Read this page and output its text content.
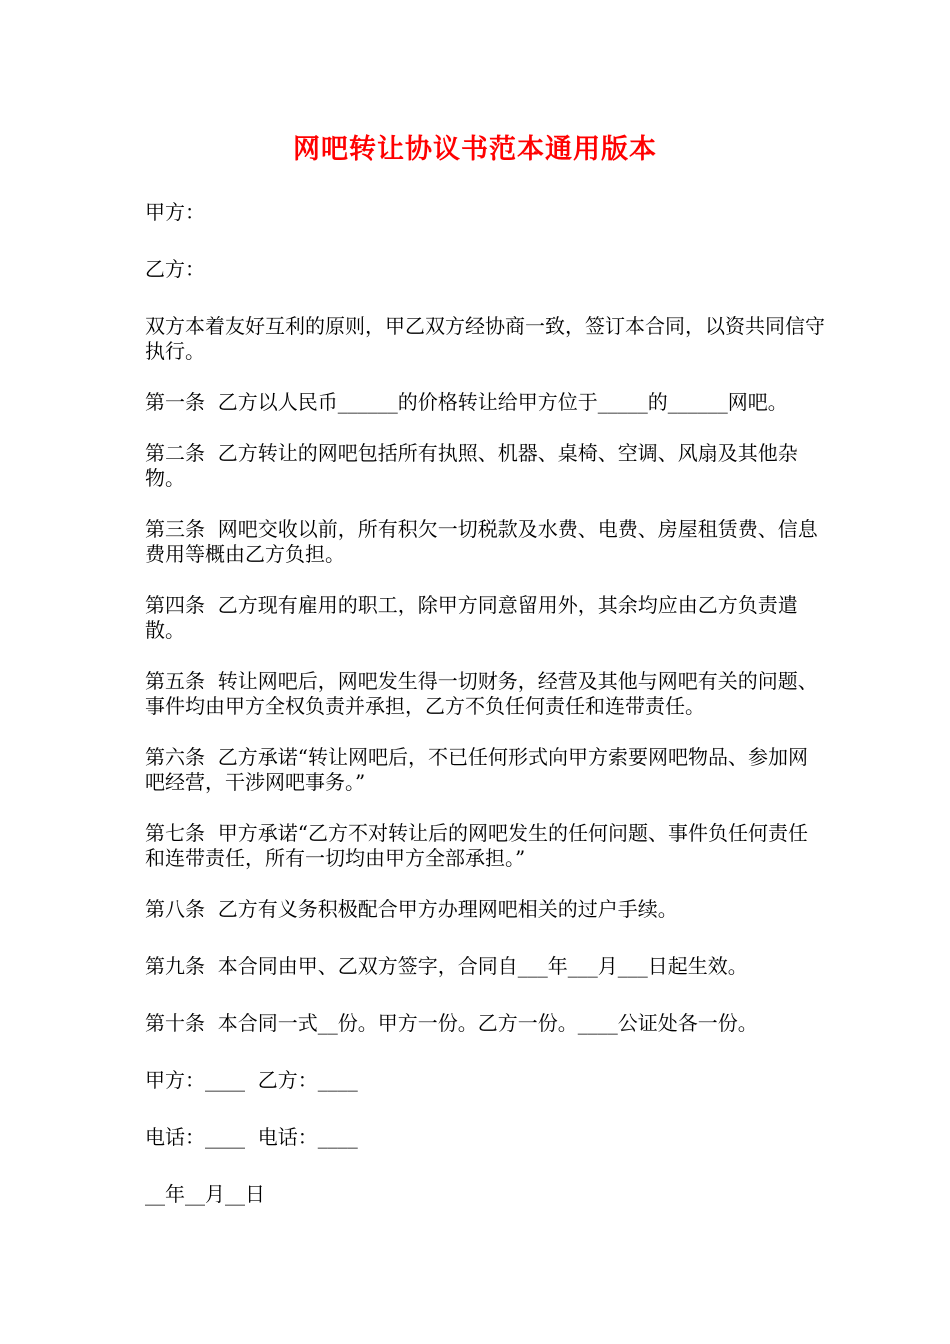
网吧转让协议书范本通用版本

甲方：

乙方：

双方本着友好互利的原则，甲乙双方经协商一致，签订本合同，以资共同信守执行。

第一条  乙方以人民币______的价格转让给甲方位于_____的______网吧。

第二条  乙方转让的网吧包括所有执照、机器、桌椅、空调、风扇及其他杂物。

第三条  网吧交收以前，所有积欠一切税款及水费、电费、房屋租赁费、信息费用等概由乙方负担。

第四条  乙方现有雇用的职工，除甲方同意留用外，其余均应由乙方负责遣散。

第五条  转让网吧后，网吧发生得一切财务，经营及其他与网吧有关的问题、事件均由甲方全权负责并承担，乙方不负任何责任和连带责任。

第六条  乙方承诺“转让网吧后，不已任何形式向甲方索要网吧物品、参加网吧经营，干涉网吧事务。”

第七条  甲方承诺“乙方不对转让后的网吧发生的任何问题、事件负任何责任和连带责任，所有一切均由甲方全部承担。”

第八条  乙方有义务积极配合甲方办理网吧相关的过户手续。

第九条  本合同由甲、乙双方签字，合同自___年___月___日起生效。

第十条  本合同一式__份。甲方一份。乙方一份。____公证处各一份。

甲方：____  乙方：____

电话：____  电话：____

__年__月__日
